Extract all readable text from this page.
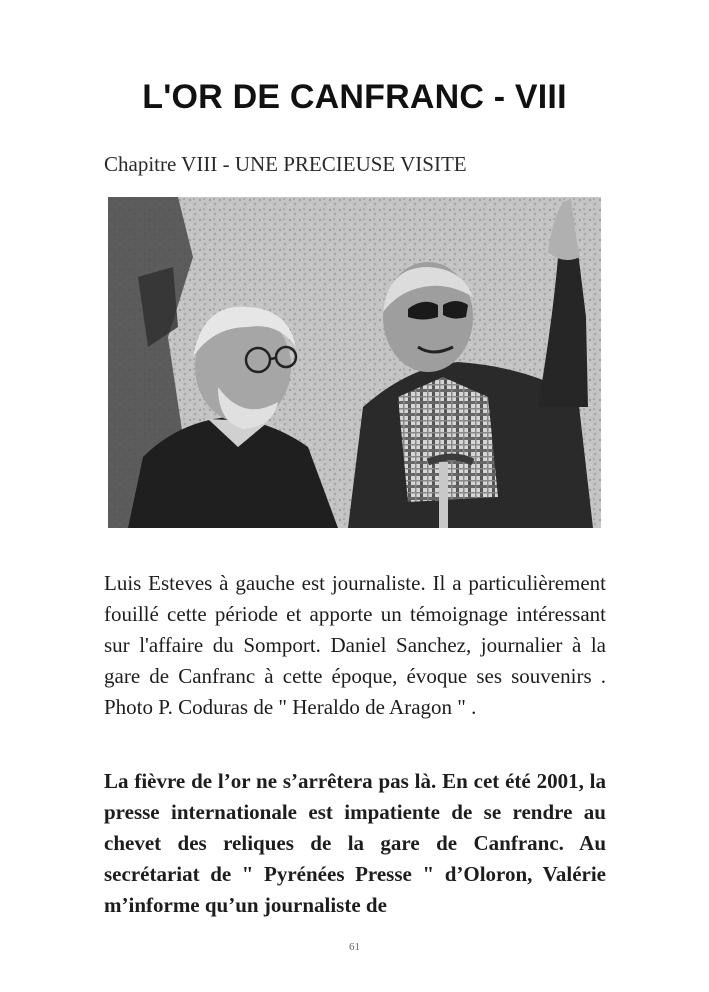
L'OR DE CANFRANC - VIII
Chapitre VIII - UNE PRECIEUSE VISITE
Luis Esteves à gauche est journaliste. Il a particulièrement fouillé cette période et apporte un témoignage intéressant sur l'affaire du Somport. Daniel Sanchez, journalier à la gare de Canfranc à cette époque, évoque ses souvenirs . Photo P. Coduras de " Heraldo de Aragon " .
La fièvre de l’or ne s’arrêtera pas là. En cet été 2001, la presse internationale est impatiente de se rendre au chevet des reliques de la gare de Canfranc. Au secrétariat de " Pyrénées Presse " d’Oloron, Valérie m’informe qu’un journaliste de
61
